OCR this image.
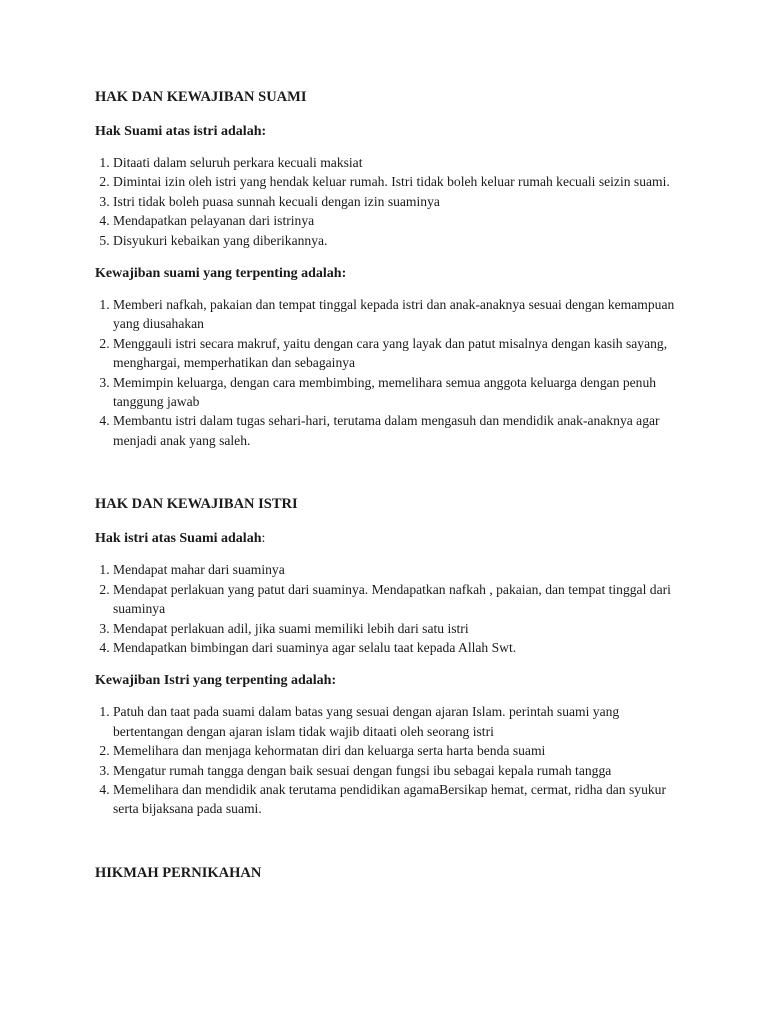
HAK DAN KEWAJIBAN SUAMI

Hak Suami atas istri adalah:

1. Ditaati dalam seluruh perkara kecuali maksiat
2. Dimintai izin oleh istri yang hendak keluar rumah. Istri tidak boleh keluar rumah kecuali seizin suami.
3. Istri tidak boleh puasa sunnah kecuali dengan izin suaminya
4. Mendapatkan pelayanan dari istrinya
5. Disyukuri kebaikan yang diberikannya.

Kewajiban suami yang terpenting adalah:

1. Memberi nafkah, pakaian dan tempat tinggal kepada istri dan anak-anaknya sesuai dengan kemampuan yang diusahakan
2. Menggauli istri secara makruf, yaitu dengan cara yang layak dan patut misalnya dengan kasih sayang, menghargai, memperhatikan dan sebagainya
3. Memimpin keluarga, dengan cara membimbing, memelihara semua anggota keluarga dengan penuh tanggung jawab
4. Membantu istri dalam tugas sehari-hari, terutama dalam mengasuh dan mendidik anak-anaknya agar menjadi anak yang saleh.

HAK DAN KEWAJIBAN ISTRI

Hak istri atas Suami adalah:

1. Mendapat mahar dari suaminya
2. Mendapat perlakuan yang patut dari suaminya. Mendapatkan nafkah , pakaian, dan tempat tinggal dari suaminya
3. Mendapat perlakuan adil, jika suami memiliki lebih dari satu istri
4. Mendapatkan bimbingan dari suaminya agar selalu taat kepada Allah Swt.

Kewajiban Istri yang terpenting adalah:

1. Patuh dan taat pada suami dalam batas yang sesuai dengan ajaran Islam. perintah suami yang bertentangan dengan ajaran islam tidak wajib ditaati oleh seorang istri
2. Memelihara dan menjaga kehormatan diri dan keluarga serta harta benda suami
3. Mengatur rumah tangga dengan baik sesuai dengan fungsi ibu sebagai kepala rumah tangga
4. Memelihara dan mendidik anak terutama pendidikan agamaBersikap hemat, cermat, ridha dan syukur serta bijaksana pada suami.

HIKMAH PERNIKAHAN
